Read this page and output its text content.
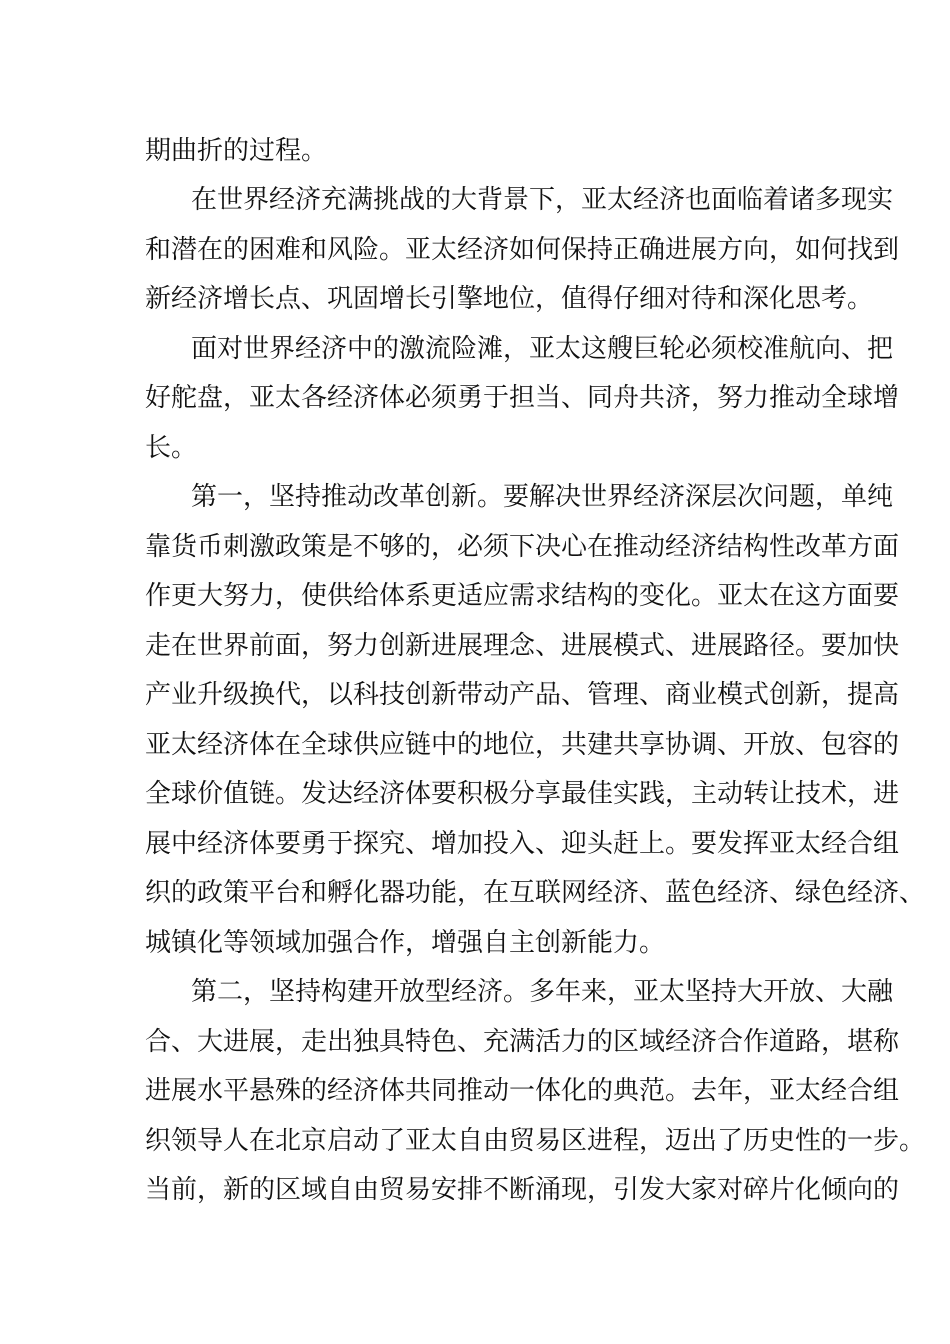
期曲折的过程。

在世界经济充满挑战的大背景下，亚太经济也面临着诸多现实

和潜在的困难和风险。亚太经济如何保持正确进展方向，如何找到

新经济增长点、巩固增长引擎地位，值得仔细对待和深化思考。

面对世界经济中的激流险滩，亚太这艘巨轮必须校准航向、把

好舵盘，亚太各经济体必须勇于担当、同舟共济，努力推动全球增

长。

第一，坚持推动改革创新。要解决世界经济深层次问题，单纯

靠货币刺激政策是不够的，必须下决心在推动经济结构性改革方面

作更大努力，使供给体系更适应需求结构的变化。亚太在这方面要

走在世界前面，努力创新进展理念、进展模式、进展路径。要加快

产业升级换代，以科技创新带动产品、管理、商业模式创新，提高

亚太经济体在全球供应链中的地位，共建共享协调、开放、包容的

全球价值链。发达经济体要积极分享最佳实践，主动转让技术，进

展中经济体要勇于探究、增加投入、迎头赶上。要发挥亚太经合组

织的政策平台和孵化器功能，在互联网经济、蓝色经济、绿色经济、

城镇化等领域加强合作，增强自主创新能力。

第二，坚持构建开放型经济。多年来，亚太坚持大开放、大融

合、大进展，走出独具特色、充满活力的区域经济合作道路，堪称

进展水平悬殊的经济体共同推动一体化的典范。去年，亚太经合组

织领导人在北京启动了亚太自由贸易区进程，迈出了历史性的一步。

当前，新的区域自由贸易安排不断涌现，引发大家对碎片化倾向的
